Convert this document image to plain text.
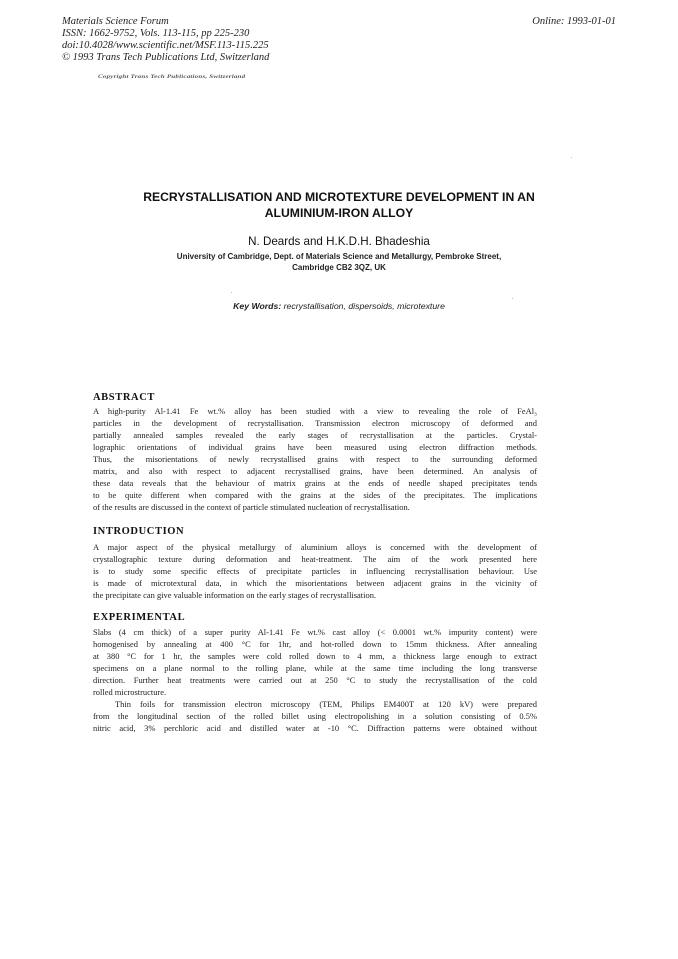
Materials Science Forum
ISSN: 1662-9752, Vols. 113-115, pp 225-230
doi:10.4028/www.scientific.net/MSF.113-115.225
© 1993 Trans Tech Publications Ltd, Switzerland
Online: 1993-01-01
Copyright Trans Tech Publications, Switzerland
RECRYSTALLISATION AND MICROTEXTURE DEVELOPMENT IN AN
ALUMINIUM-IRON ALLOY
N. Deards and H.K.D.H. Bhadeshia
University of Cambridge, Dept. of Materials Science and Metallurgy, Pembroke Street,
Cambridge CB2 3QZ, UK
Key Words: recrystallisation, dispersoids, microtexture
ABSTRACT
A high-purity Al-1.41 Fe wt.% alloy has been studied with a view to revealing the role of FeAl₃
particles in the development of recrystallisation. Transmission electron microscopy of deformed and
partially annealed samples revealed the early stages of recrystallisation at the particles. Crystal-
lographic orientations of individual grains have been measured using electron diffraction methods.
Thus, the misorientations of newly recrystallised grains with respect to the surrounding deformed
matrix, and also with respect to adjacent recrystallised grains, have been determined. An analysis of
these data reveals that the behaviour of matrix grains at the ends of needle shaped precipitates tends
to be quite different when compared with the grains at the sides of the precipitates. The implications
of the results are discussed in the context of particle stimulated nucleation of recrystallisation.
INTRODUCTION
A major aspect of the physical metallurgy of aluminium alloys is concerned with the development of
crystallographic texture during deformation and heat-treatment. The aim of the work presented here
is to study some specific effects of precipitate particles in influencing recrystallisation behaviour. Use
is made of microtextural data, in which the misorientations between adjacent grains in the vicinity of
the precipitate can give valuable information on the early stages of recrystallisation.
EXPERIMENTAL
Slabs (4 cm thick) of a super purity Al-1.41 Fe wt.% cast alloy (< 0.0001 wt.% impurity content) were
homogenised by annealing at 400 °C for 1hr, and hot-rolled down to 15mm thickness. After annealing
at 380 °C for 1 hr, the samples were cold rolled down to 4 mm, a thickness large enough to extract
specimens on a plane normal to the rolling plane, while at the same time including the long transverse
direction. Further heat treatments were carried out at 250 °C to study the recrystallisation of the cold
rolled microstructure.
Thin foils for transmission electron microscopy (TEM, Philips EM400T at 120 kV) were prepared
from the longitudinal section of the rolled billet using electropolishing in a solution consisting of 0.5%
nitric acid, 3% perchloric acid and distilled water at -10 °C. Diffraction patterns were obtained without
